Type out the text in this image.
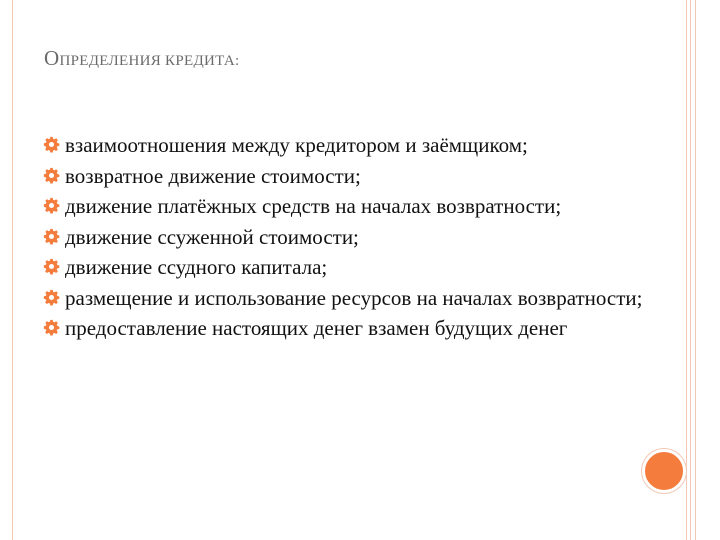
ОПРЕДЕЛЕНИЯ КРЕДИТА:
взаимоотношения между кредитором и заёмщиком;
возвратное движение стоимости;
движение платёжных средств на началах возвратности;
движение ссуженной стоимости;
движение ссудного капитала;
размещение и использование ресурсов на началах возвратности;
предоставление настоящих денег взамен будущих денег
